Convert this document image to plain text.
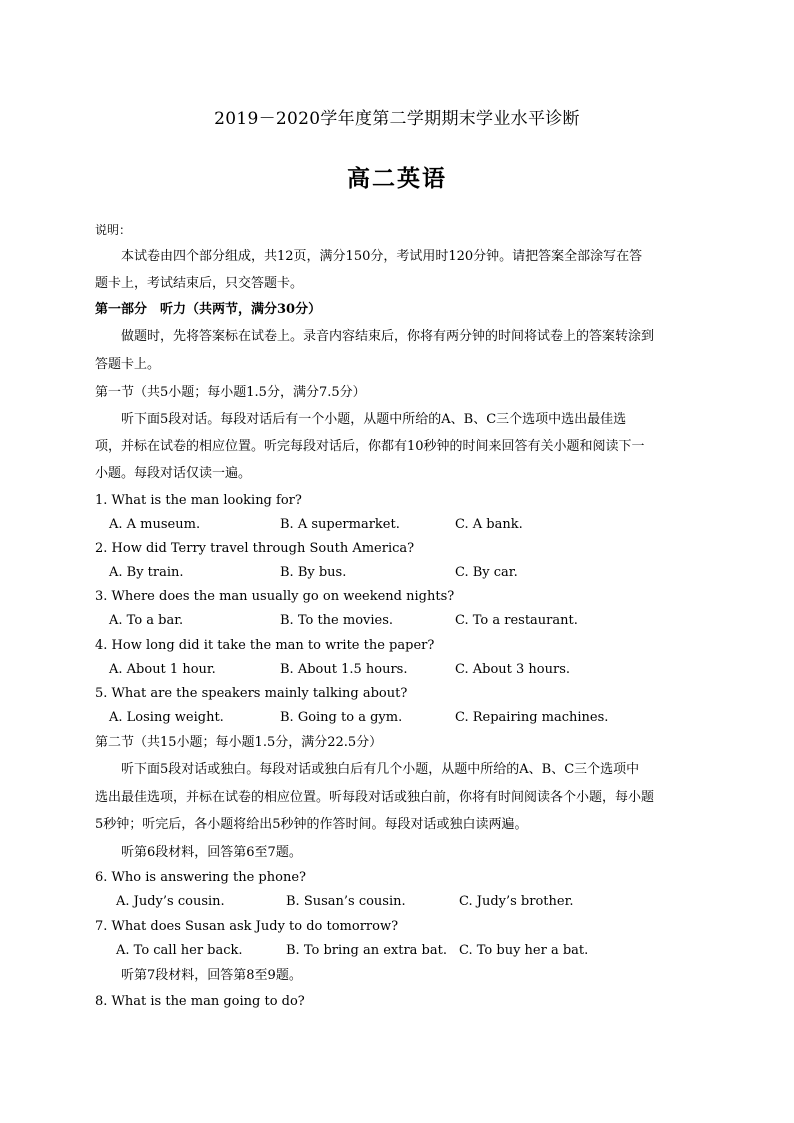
2019－2020学年度第二学期期末学业水平诊断
高二英语
说明：
本试卷由四个部分组成，共12页，满分150分，考试用时120分钟。请把答案全部涂写在答
题卡上，考试结束后，只交答题卡。
第一部分　听力（共两节，满分30分）
做题时，先将答案标在试卷上。录音内容结束后，你将有两分钟的时间将试卷上的答案转涂到
答题卡上。
第一节（共5小题；每小题1.5分，满分7.5分）
听下面5段对话。每段对话后有一个小题，从题中所给的A、B、C三个选项中选出最佳选
项，并标在试卷的相应位置。听完每段对话后，你都有10秒钟的时间来回答有关小题和阅读下一
小题。每段对话仅读一遍。
1. What is the man looking for?
A. A museum.	B. A supermarket.	C. A bank.
2. How did Terry travel through South America?
A. By train.	B. By bus.	C. By car.
3. Where does the man usually go on weekend nights?
A. To a bar.	B. To the movies.	C. To a restaurant.
4. How long did it take the man to write the paper?
A. About 1 hour.	B. About 1.5 hours.	C. About 3 hours.
5. What are the speakers mainly talking about?
A. Losing weight.	B. Going to a gym.	C. Repairing machines.
第二节（共15小题；每小题1.5分，满分22.5分）
听下面5段对话或独白。每段对话或独白后有几个小题，从题中所给的A、B、C三个选项中
选出最佳选项，并标在试卷的相应位置。听每段对话或独白前，你将有时间阅读各个小题，每小题
5秒钟；听完后，各小题将给出5秒钟的作答时间。每段对话或独白读两遍。
听第6段材料，回答第6至7题。
6. Who is answering the phone?
A. Judy’s cousin.	B. Susan’s cousin.	C. Judy’s brother.
7. What does Susan ask Judy to do tomorrow?
A. To call her back.	B. To bring an extra bat. C. To buy her a bat.
听第7段材料，回答第8至9题。
8. What is the man going to do?
